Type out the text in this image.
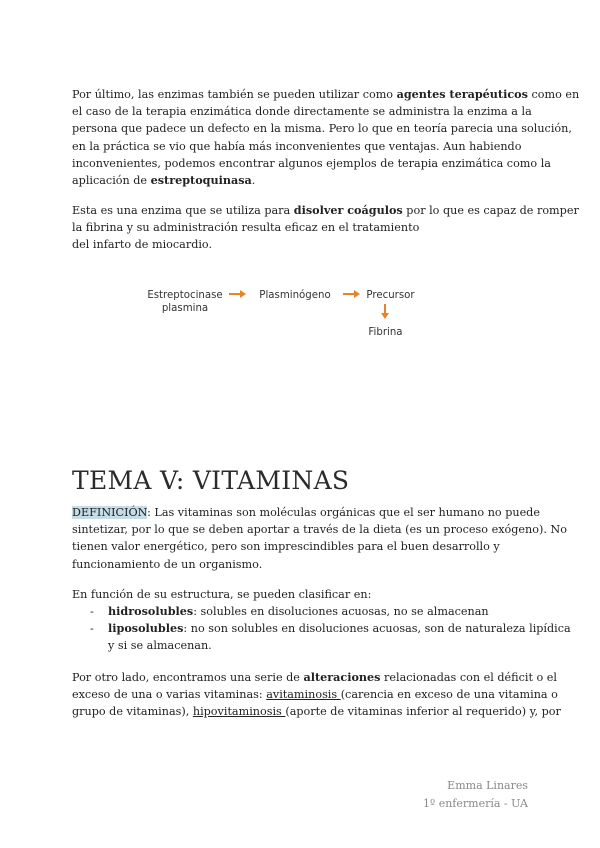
Por último, las enzimas también se pueden utilizar como agentes terapéuticos como en
el caso de la terapia enzimática donde directamente se administra la enzima a la
persona que padece un defecto en la misma. Pero lo que en teoría parecia una solución,
en la práctica se vio que había más inconvenientes que ventajas. Aun habiendo
inconvenientes, podemos encontrar algunos ejemplos de terapia enzimática como la
aplicación de estreptoquinasa.

Esta es una enzima que se utiliza para disolver coágulos por lo que es capaz de romper
la fibrina y su administración resulta eficaz en el tratamiento
del infarto de miocardio.

Estreptocinase
plasmina
Plasminógeno	Precursor
Fibrina
TEMA V: VITAMINAS

DEFINICIÓN: Las vitaminas son moléculas orgánicas que el ser humano no puede
sintetizar, por lo que se deben aportar a través de la dieta (es un proceso exógeno). No
tienen valor energético, pero son imprescindibles para el buen desarrollo y
funcionamiento de un organismo.

En función de su estructura, se pueden clasificar en:

- hidrosolubles: solubles en disoluciones acuosas, no se almacenan
- liposolubles: no son solubles en disoluciones acuosas, son de naturaleza lipídica
y si se almacenan.

Por otro lado, encontramos una serie de alteraciones relacionadas con el déficit o el
exceso de una o varias vitaminas: avitaminosis (carencia en exceso de una vitamina o
grupo de vitaminas), hipovitaminosis (aporte de vitaminas inferior al requerido) y, por

Emma Linares
1º enfermería - UA
